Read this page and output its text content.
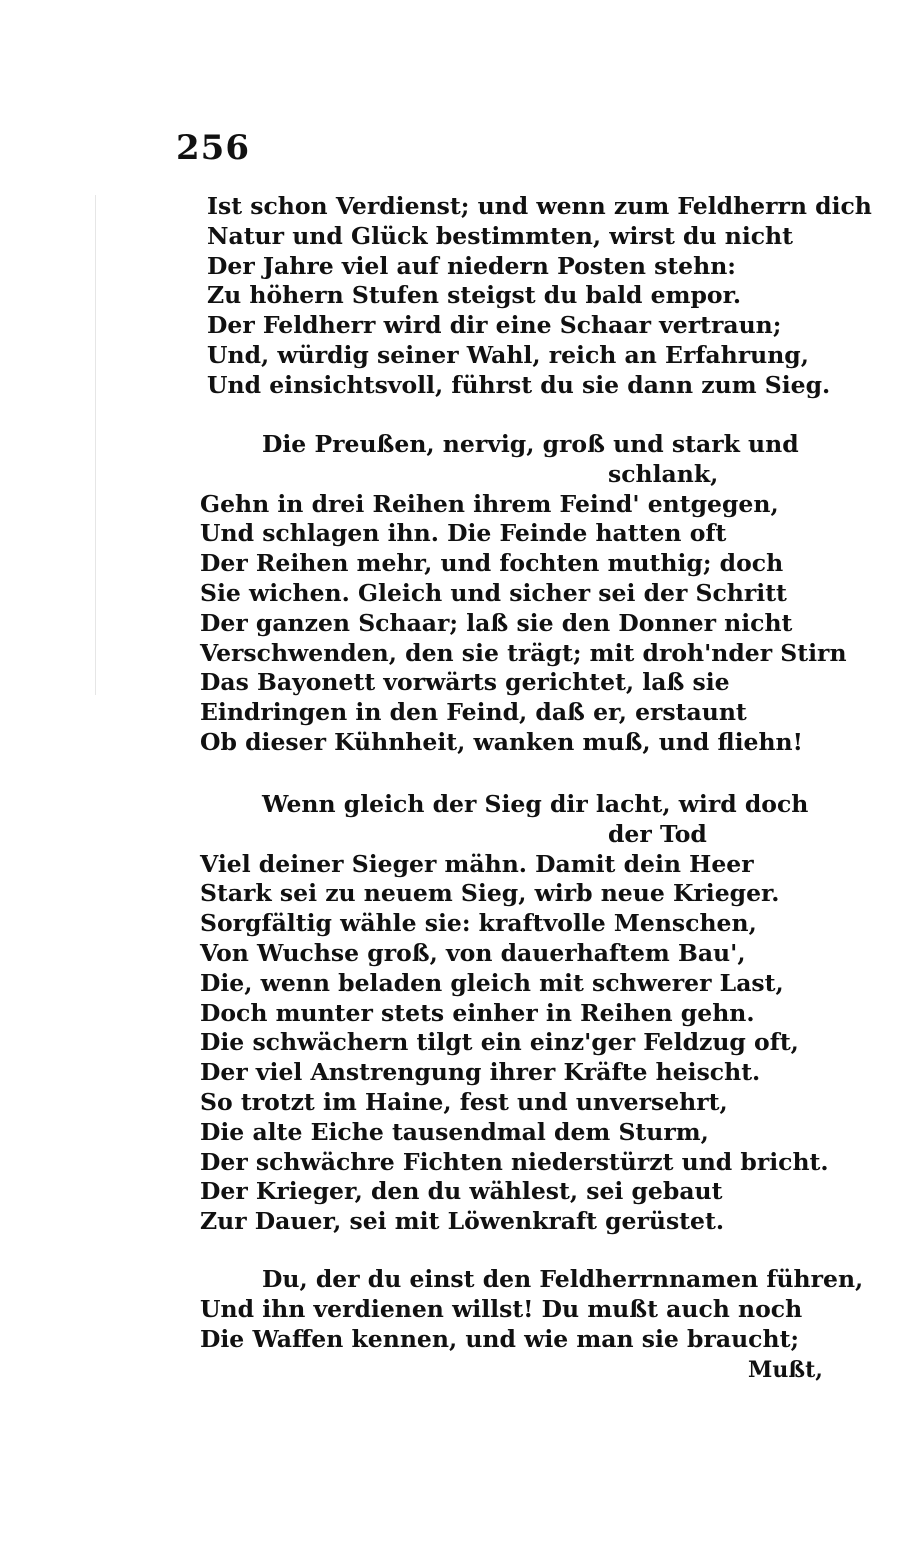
256
Ist schon Verdienst; und wenn zum Feldherrn dich
Natur und Glück bestimmten, wirst du nicht
Der Jahre viel auf niedern Posten stehn:
Zu höhern Stufen steigst du bald empor.
Der Feldherr wird dir eine Schaar vertraun;
Und, würdig seiner Wahl, reich an Erfahrung,
Und einsichtsvoll, führst du sie dann zum Sieg.
Die Preußen, nervig, groß und stark und
schlank,
Gehn in drei Reihen ihrem Feind' entgegen,
Und schlagen ihn. Die Feinde hatten oft
Der Reihen mehr, und fochten muthig; doch
Sie wichen. Gleich und sicher sei der Schritt
Der ganzen Schaar; laß sie den Donner nicht
Verschwenden, den sie trägt; mit droh'nder Stirn
Das Bayonett vorwärts gerichtet, laß sie
Eindringen in den Feind, daß er, erstaunt
Ob dieser Kühnheit, wanken muß, und fliehn!
Wenn gleich der Sieg dir lacht, wird doch
der Tod
Viel deiner Sieger mähn. Damit dein Heer
Stark sei zu neuem Sieg, wirb neue Krieger.
Sorgfältig wähle sie: kraftvolle Menschen,
Von Wuchse groß, von dauerhaftem Bau',
Die, wenn beladen gleich mit schwerer Last,
Doch munter stets einher in Reihen gehn.
Die schwächern tilgt ein einz'ger Feldzug oft,
Der viel Anstrengung ihrer Kräfte heischt.
So trotzt im Haine, fest und unversehrt,
Die alte Eiche tausendmal dem Sturm,
Der schwächre Fichten niederstürzt und bricht.
Der Krieger, den du wählest, sei gebaut
Zur Dauer, sei mit Löwenkraft gerüstet.
Du, der du einst den Feldherrnnamen führen,
Und ihn verdienen willst! Du mußt auch noch
Die Waffen kennen, und wie man sie braucht;
Mußt,
